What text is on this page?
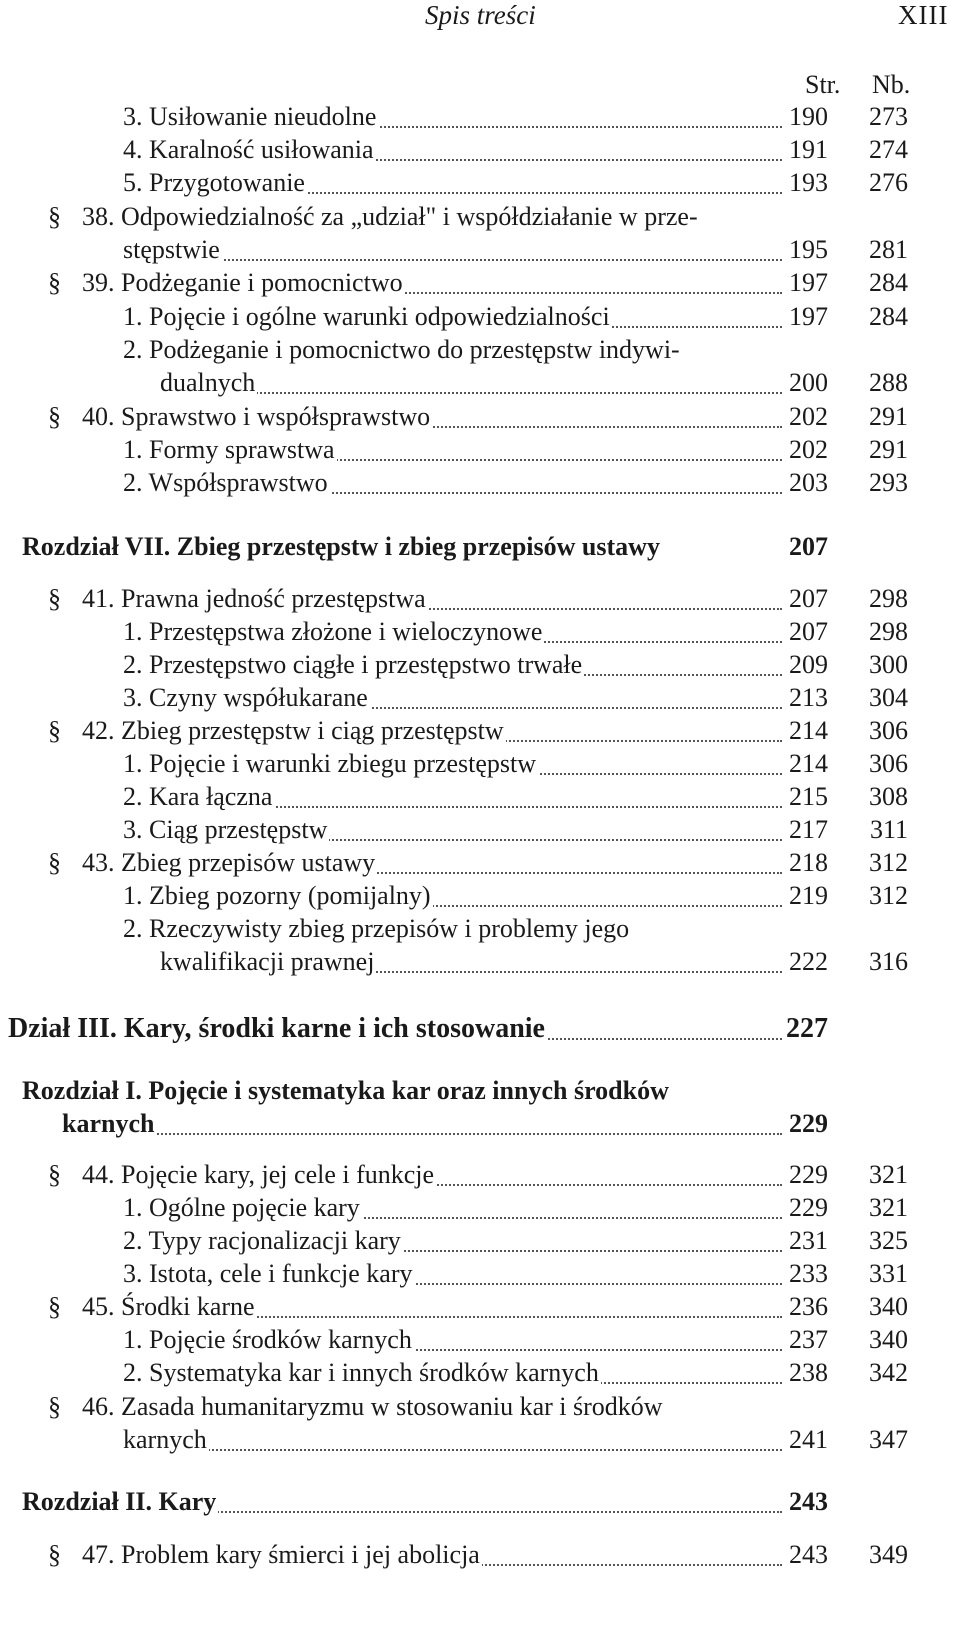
Spis treści	XIII
Str. Nb.
3. Usiłowanie nieudolne	190	273
4. Karalność usiłowania	191	274
5. Przygotowanie	193	276
§ 38. Odpowiedzialność za „udział" i współdziałanie w prze-
stępstwie	195	281
§ 39. Podżeganie i pomocnictwo	197	284
1. Pojęcie i ogólne warunki odpowiedzialności	197	284
2. Podżeganie i pomocnictwo do przestępstw indywi-
dualnych	200	288
§ 40. Sprawstwo i współsprawstwo	202	291
1. Formy sprawstwa	202	291
2. Współsprawstwo	203	293
Rozdział VII. Zbieg przestępstw i zbieg przepisów ustawy	207
§ 41. Prawna jedność przestępstwa	207	298
1. Przestępstwa złożone i wieloczynowe	207	298
2. Przestępstwo ciągłe i przestępstwo trwałe	209	300
3. Czyny współukarane	213	304
§ 42. Zbieg przestępstw i ciąg przestępstw	214	306
1. Pojęcie i warunki zbiegu przestępstw	214	306
2. Kara łączna	215	308
3. Ciąg przestępstw	217	311
§ 43. Zbieg przepisów ustawy	218	312
1. Zbieg pozorny (pomijalny)	219	312
2. Rzeczywisty zbieg przepisów i problemy jego
kwalifikacji prawnej	222	316
Dział III. Kary, środki karne i ich stosowanie	227
Rozdział I. Pojęcie i systematyka kar oraz innych środków
karnych	229
§ 44. Pojęcie kary, jej cele i funkcje	229	321
1. Ogólne pojęcie kary	229	321
2. Typy racjonalizacji kary	231	325
3. Istota, cele i funkcje kary	233	331
§ 45. Środki karne	236	340
1. Pojęcie środków karnych	237	340
2. Systematyka kar i innych środków karnych	238	342
§ 46. Zasada humanitaryzmu w stosowaniu kar i środków
karnych	241	347
Rozdział II. Kary	243
§ 47. Problem kary śmierci i jej abolicja	243	349
